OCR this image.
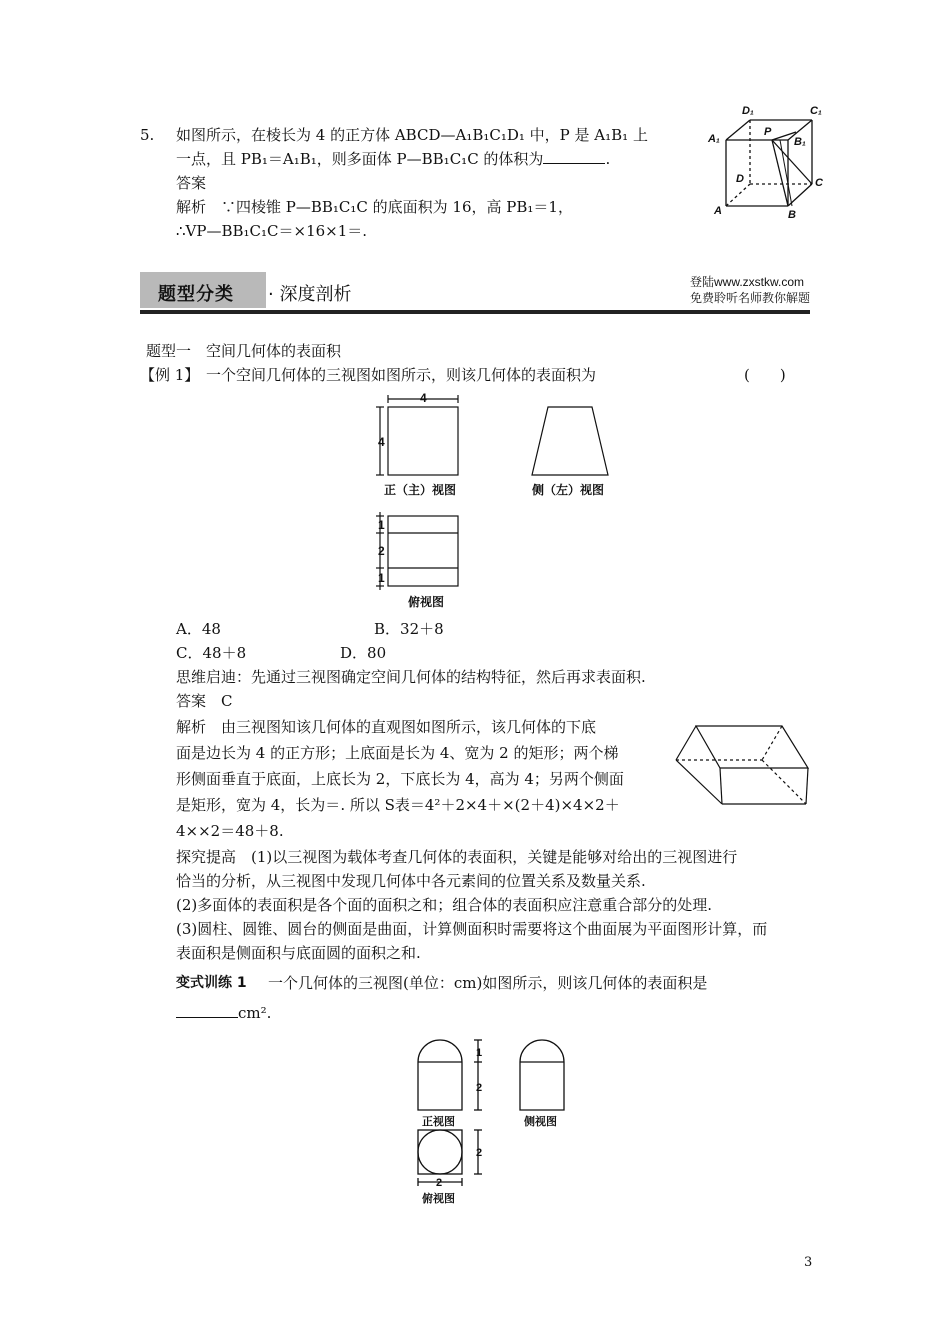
5. 如图所示，在棱长为 4 的正方体 ABCD—A₁B₁C₁D₁ 中，P 是 A₁B₁ 上
一点，且 PB₁＝A₁B₁，则多面体 P—BB₁C₁C 的体积为	.
答案
解析　∵四棱锥 P—BB₁C₁C 的底面积为 16，高 PB₁＝1，
∴VP—BB₁C₁C＝×16×1＝.
D₁	C₁
A₁
P
B₁
D	C
A	B
题型分类 · 深度剖析
登陆www.zxstkw.com
免费聆听名师教你解题
题型一　空间几何体的表面积
【例 1】 一个空间几何体的三视图如图所示，则该几何体的表面积为	(　　)
4
4
1
2
1
正（主）视图	侧（左）视图
俯视图
A．48	B．32＋8
C．48＋8	D．80
思维启迪：先通过三视图确定空间几何体的结构特征，然后再求表面积.
答案　C
解析　由三视图知该几何体的直观图如图所示，该几何体的下底
面是边长为 4 的正方形；上底面是长为 4、宽为 2 的矩形；两个梯
形侧面垂直于底面，上底长为 2，下底长为 4，高为 4；另两个侧面
是矩形，宽为 4，长为＝. 所以 S表＝4²＋2×4＋×(2＋4)×4×2＋
4××2＝48＋8.
探究提高　(1)以三视图为载体考查几何体的表面积，关键是能够对给出的三视图进行
恰当的分析，从三视图中发现几何体中各元素间的位置关系及数量关系.
(2)多面体的表面积是各个面的面积之和；组合体的表面积应注意重合部分的处理.
(3)圆柱、圆锥、圆台的侧面是曲面，计算侧面积时需要将这个曲面展为平面图形计算，而
表面积是侧面积与底面圆的面积之和.
变式训练 1 一个几何体的三视图(单位：cm)如图所示，则该几何体的表面积是
cm².
1
2
2
2
正视图	侧视图
俯视图
3
